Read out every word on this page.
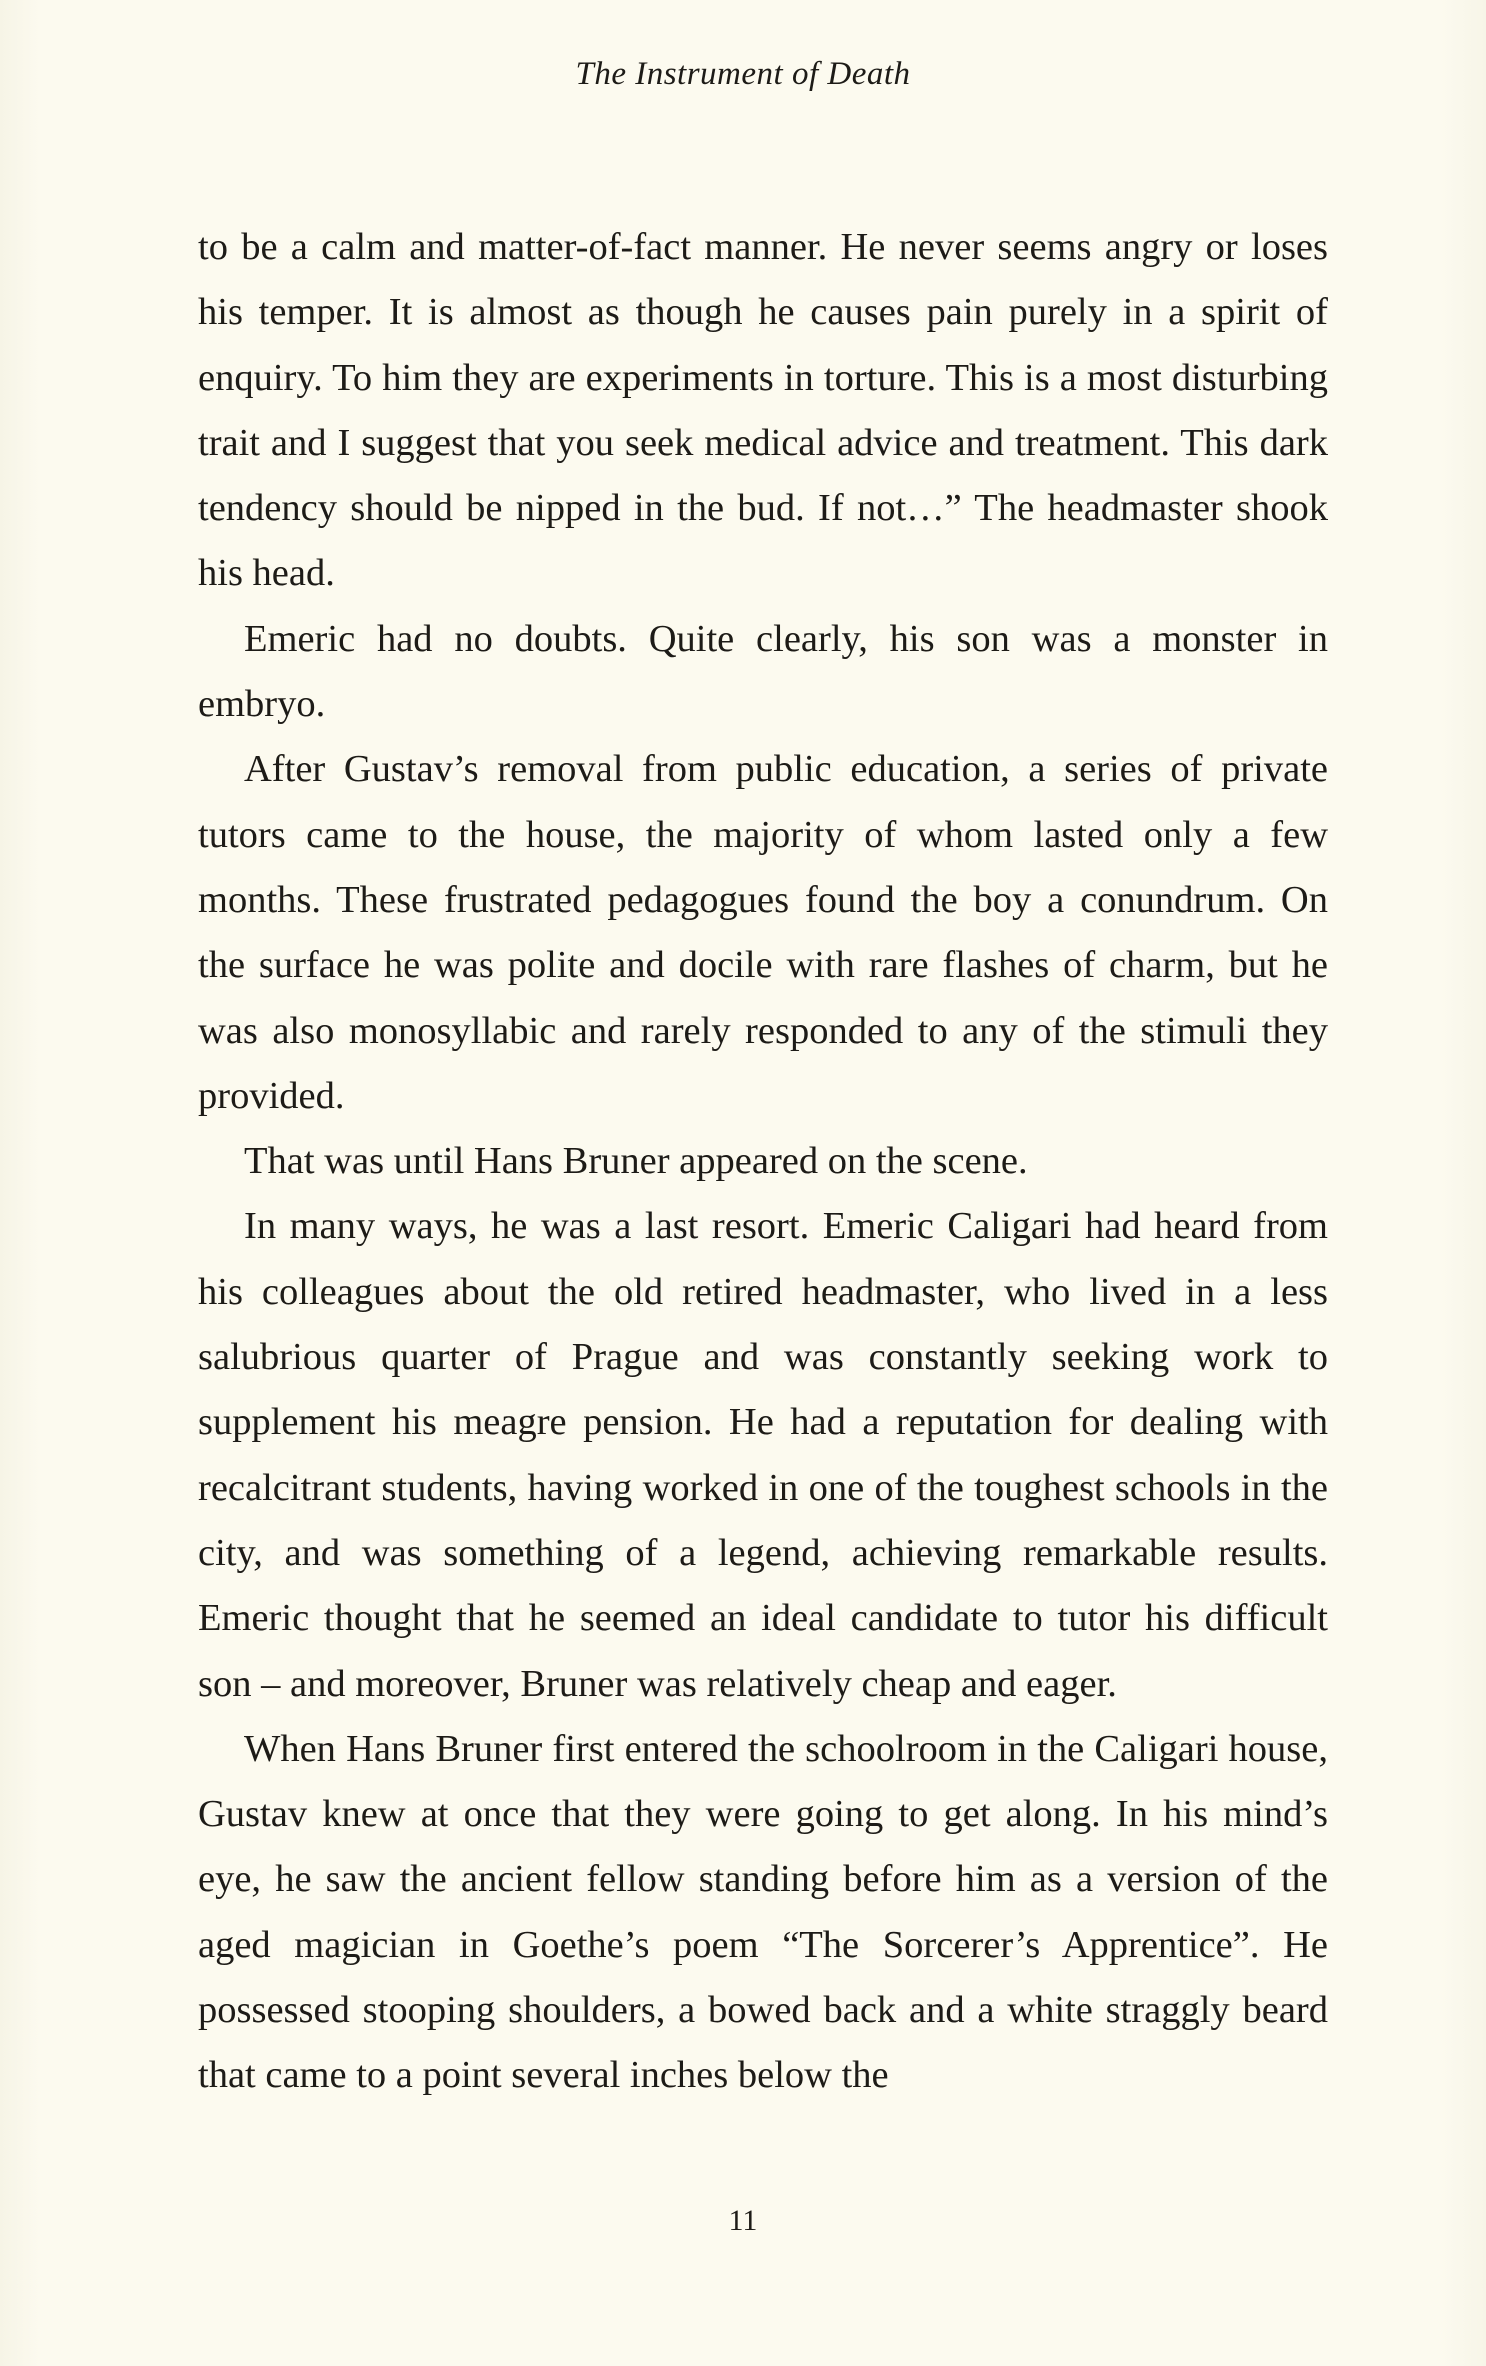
The Instrument of Death

to be a calm and matter-of-fact manner. He never seems angry or loses his temper. It is almost as though he causes pain purely in a spirit of enquiry. To him they are experiments in torture. This is a most disturbing trait and I suggest that you seek medical advice and treatment. This dark tendency should be nipped in the bud. If not…” The headmaster shook his head.

Emeric had no doubts. Quite clearly, his son was a monster in embryo.

After Gustav’s removal from public education, a series of private tutors came to the house, the majority of whom lasted only a few months. These frustrated pedagogues found the boy a conundrum. On the surface he was polite and docile with rare flashes of charm, but he was also monosyllabic and rarely responded to any of the stimuli they provided.

That was until Hans Bruner appeared on the scene.

In many ways, he was a last resort. Emeric Caligari had heard from his colleagues about the old retired headmaster, who lived in a less salubrious quarter of Prague and was constantly seeking work to supplement his meagre pension. He had a reputation for dealing with recalcitrant students, having worked in one of the toughest schools in the city, and was something of a legend, achieving remarkable results. Emeric thought that he seemed an ideal candidate to tutor his difficult son – and moreover, Bruner was relatively cheap and eager.

When Hans Bruner first entered the schoolroom in the Caligari house, Gustav knew at once that they were going to get along. In his mind’s eye, he saw the ancient fellow standing before him as a version of the aged magician in Goethe’s poem “The Sorcerer’s Apprentice”. He possessed stooping shoulders, a bowed back and a white straggly beard that came to a point several inches below the

11
